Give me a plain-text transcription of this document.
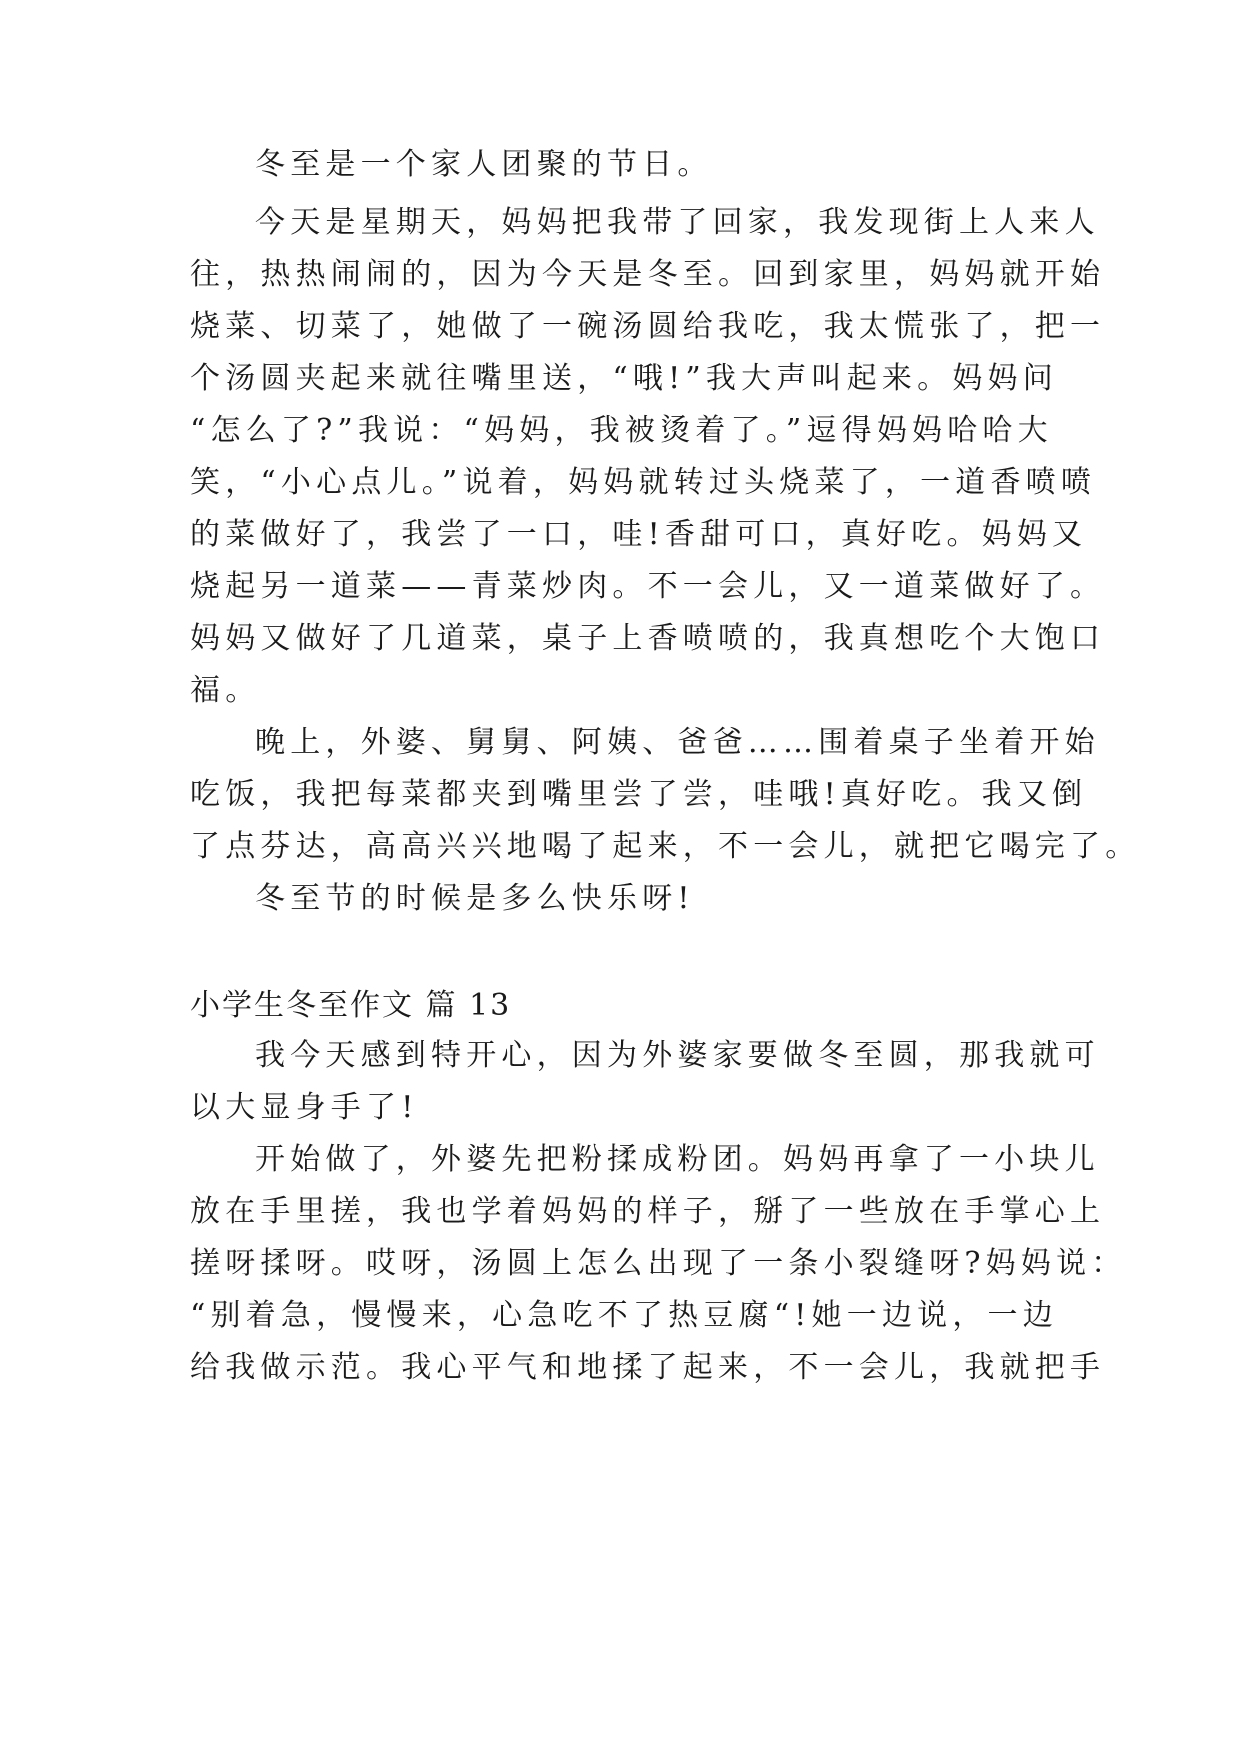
冬至是一个家人团聚的节日。
今天是星期天，妈妈把我带了回家，我发现街上人来人
往，热热闹闹的，因为今天是冬至。回到家里，妈妈就开始
烧菜、切菜了，她做了一碗汤圆给我吃，我太慌张了，把一
个汤圆夹起来就往嘴里送，“哦!”我大声叫起来。妈妈问
“怎么了?”我说：“妈妈，我被烫着了。”逗得妈妈哈哈大
笑，“小心点儿。”说着，妈妈就转过头烧菜了，一道香喷喷
的菜做好了，我尝了一口，哇!香甜可口，真好吃。妈妈又
烧起另一道菜——青菜炒肉。不一会儿，又一道菜做好了。
妈妈又做好了几道菜，桌子上香喷喷的，我真想吃个大饱口
福。
晚上，外婆、舅舅、阿姨、爸爸……围着桌子坐着开始
吃饭，我把每菜都夹到嘴里尝了尝，哇哦!真好吃。我又倒
了点芬达，高高兴兴地喝了起来，不一会儿，就把它喝完了。
冬至节的时候是多么快乐呀!
小学生冬至作文 篇 13
我今天感到特开心，因为外婆家要做冬至圆，那我就可
以大显身手了!
开始做了，外婆先把粉揉成粉团。妈妈再拿了一小块儿
放在手里搓，我也学着妈妈的样子，掰了一些放在手掌心上
搓呀揉呀。哎呀，汤圆上怎么出现了一条小裂缝呀?妈妈说：
“别着急，慢慢来，心急吃不了热豆腐“!她一边说，一边
给我做示范。我心平气和地揉了起来，不一会儿，我就把手
